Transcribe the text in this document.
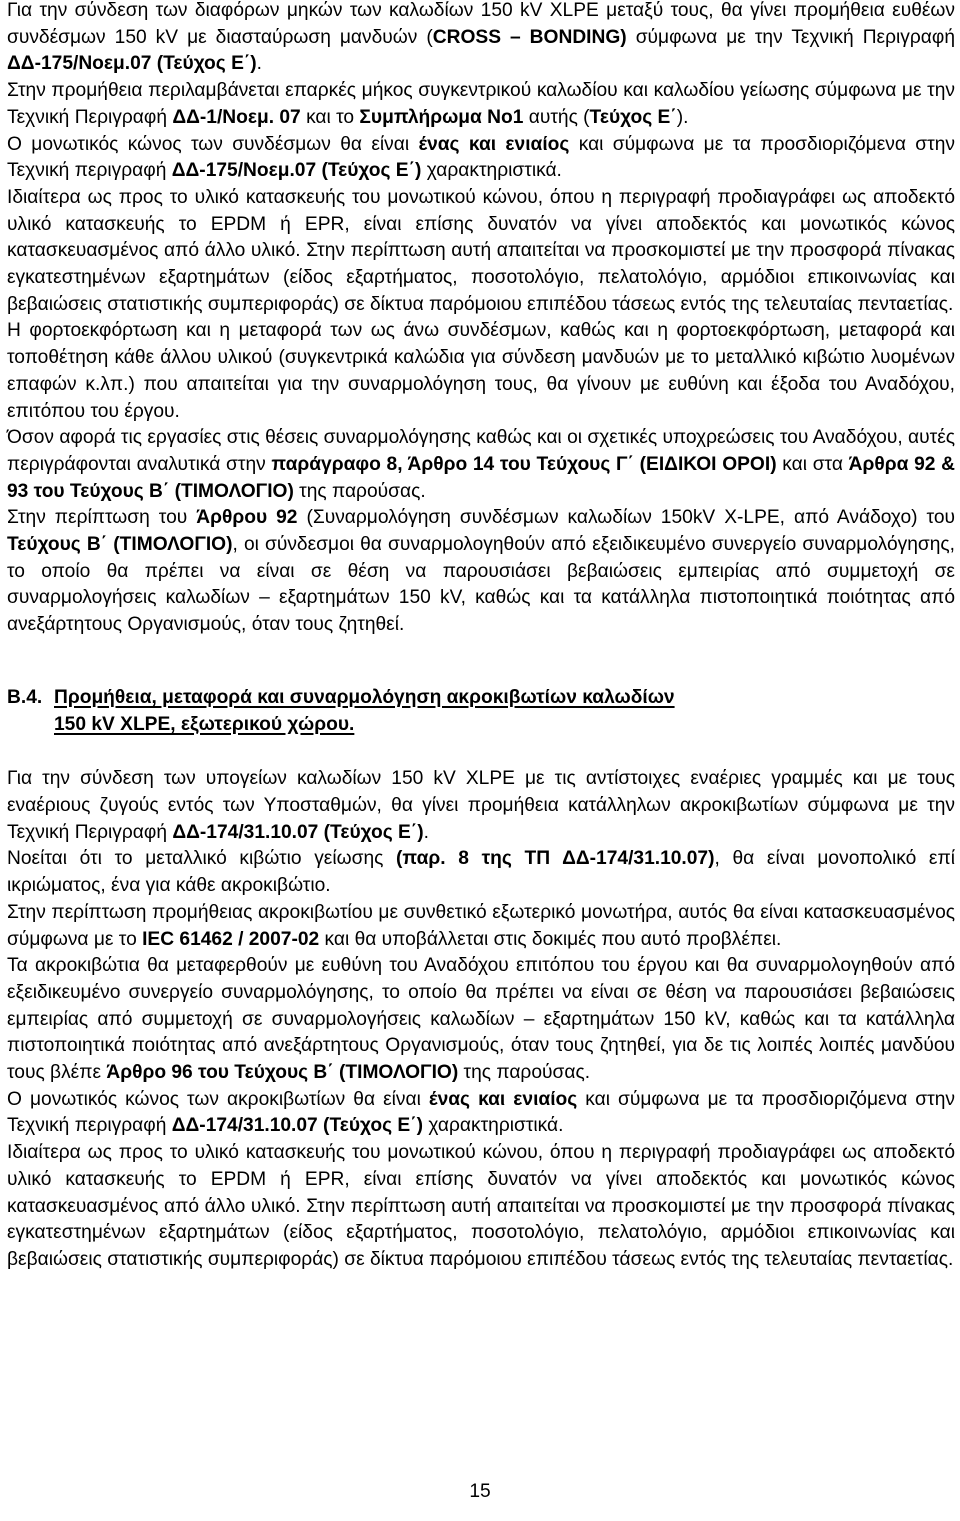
Για την σύνδεση των διαφόρων μηκών των καλωδίων 150 kV XLPE μεταξύ τους, θα γίνει προμήθεια ευθέων συνδέσμων 150 kV με διασταύρωση μανδυών (CROSS – BONDING) σύμφωνα με την Τεχνική Περιγραφή ΔΔ-175/Νοεμ.07 (Τεύχος Ε΄).

Στην προμήθεια περιλαμβάνεται επαρκές μήκος συγκεντρικού καλωδίου και καλωδίου γείωσης σύμφωνα με την Τεχνική Περιγραφή ΔΔ-1/Νοεμ. 07 και το Συμπλήρωμα Νο1 αυτής (Τεύχος Ε΄).

Ο μονωτικός κώνος των συνδέσμων θα είναι ένας και ενιαίος και σύμφωνα με τα προσδιοριζόμενα στην Τεχνική περιγραφή ΔΔ-175/Νοεμ.07 (Τεύχος Ε΄) χαρακτηριστικά.

Ιδιαίτερα ως προς το υλικό κατασκευής του μονωτικού κώνου, όπου η περιγραφή προδιαγράφει ως αποδεκτό υλικό κατασκευής το EPDM ή EPR, είναι επίσης δυνατόν να γίνει αποδεκτός και μονωτικός κώνος κατασκευασμένος από άλλο υλικό. Στην περίπτωση αυτή απαιτείται να προσκομιστεί με την προσφορά πίνακας εγκατεστημένων εξαρτημάτων (είδος εξαρτήματος, ποσοτολόγιο, πελατολόγιο, αρμόδιοι επικοινωνίας και βεβαιώσεις στατιστικής συμπεριφοράς) σε δίκτυα παρόμοιου επιπέδου τάσεως εντός της τελευταίας πενταετίας.

Η φορτοεκφόρτωση και η μεταφορά των ως άνω συνδέσμων, καθώς και η φορτοεκφόρτωση, μεταφορά και τοποθέτηση κάθε άλλου υλικού (συγκεντρικά καλώδια για σύνδεση μανδυών με το μεταλλικό κιβώτιο λυομένων επαφών κ.λπ.) που απαιτείται για την συναρμολόγηση τους, θα γίνουν με ευθύνη και έξοδα του Αναδόχου, επιτόπου του έργου.

Όσον αφορά τις εργασίες στις θέσεις συναρμολόγησης καθώς και οι σχετικές υποχρεώσεις του Αναδόχου, αυτές περιγράφονται αναλυτικά στην παράγραφο 8, Άρθρο 14 του Τεύχους Γ΄ (ΕΙΔΙΚΟΙ ΟΡΟΙ) και στα Άρθρα 92 & 93 του Τεύχους Β΄ (ΤΙΜΟΛΟΓΙΟ) της παρούσας.

Στην περίπτωση του Άρθρου 92 (Συναρμολόγηση συνδέσμων καλωδίων 150kV X-LPE, από Ανάδοχο) του Τεύχους Β΄ (ΤΙΜΟΛΟΓΙΟ), οι σύνδεσμοι θα συναρμολογηθούν από εξειδικευμένο συνεργείο συναρμολόγησης, το οποίο θα πρέπει να είναι σε θέση να παρουσιάσει βεβαιώσεις εμπειρίας από συμμετοχή σε συναρμολογήσεις καλωδίων – εξαρτημάτων 150 kV, καθώς και τα κατάλληλα πιστοποιητικά ποιότητας από ανεξάρτητους Οργανισμούς, όταν τους ζητηθεί.

Β.4. Προμήθεια, μεταφορά και συναρμολόγηση ακροκιβωτίων καλωδίων
150 kV XLPE, εξωτερικού χώρου.

Για την σύνδεση των υπογείων καλωδίων 150 kV XLPE με τις αντίστοιχες εναέριες γραμμές και με τους εναέριους ζυγούς εντός των Υποσταθμών, θα γίνει προμήθεια κατάλληλων ακροκιβωτίων σύμφωνα με την Τεχνική Περιγραφή ΔΔ-174/31.10.07 (Τεύχος Ε΄).

Νοείται ότι το μεταλλικό κιβώτιο γείωσης (παρ. 8 της ΤΠ ΔΔ-174/31.10.07), θα είναι μονοπολικό επί ικριώματος, ένα για κάθε ακροκιβώτιο.

Στην περίπτωση προμήθειας ακροκιβωτίου με συνθετικό εξωτερικό μονωτήρα, αυτός θα είναι κατασκευασμένος σύμφωνα με το IEC 61462 / 2007-02 και θα υποβάλλεται στις δοκιμές που αυτό προβλέπει.

Τα ακροκιβώτια θα μεταφερθούν με ευθύνη του Αναδόχου επιτόπου του έργου και θα συναρμολογηθούν από εξειδικευμένο συνεργείο συναρμολόγησης, το οποίο θα πρέπει να είναι σε θέση να παρουσιάσει βεβαιώσεις εμπειρίας από συμμετοχή σε συναρμολογήσεις καλωδίων – εξαρτημάτων 150 kV, καθώς και τα κατάλληλα πιστοποιητικά ποιότητας από ανεξάρτητους Οργανισμούς, όταν τους ζητηθεί, για δε τις λοιπές λοιπές μανδύου τους βλέπε Άρθρο 96 του Τεύχους Β΄ (ΤΙΜΟΛΟΓΙΟ) της παρούσας.

Ο μονωτικός κώνος των ακροκιβωτίων θα είναι ένας και ενιαίος και σύμφωνα με τα προσδιοριζόμενα στην Τεχνική περιγραφή ΔΔ-174/31.10.07 (Τεύχος Ε΄) χαρακτηριστικά.

Ιδιαίτερα ως προς το υλικό κατασκευής του μονωτικού κώνου, όπου η περιγραφή προδιαγράφει ως αποδεκτό υλικό κατασκευής το EPDM ή EPR, είναι επίσης δυνατόν να γίνει αποδεκτός και μονωτικός κώνος κατασκευασμένος από άλλο υλικό. Στην περίπτωση αυτή απαιτείται να προσκομιστεί με την προσφορά πίνακας εγκατεστημένων εξαρτημάτων (είδος εξαρτήματος, ποσοτολόγιο, πελατολόγιο, αρμόδιοι επικοινωνίας και βεβαιώσεις στατιστικής συμπεριφοράς) σε δίκτυα παρόμοιου επιπέδου τάσεως εντός της τελευταίας πενταετίας.

15
